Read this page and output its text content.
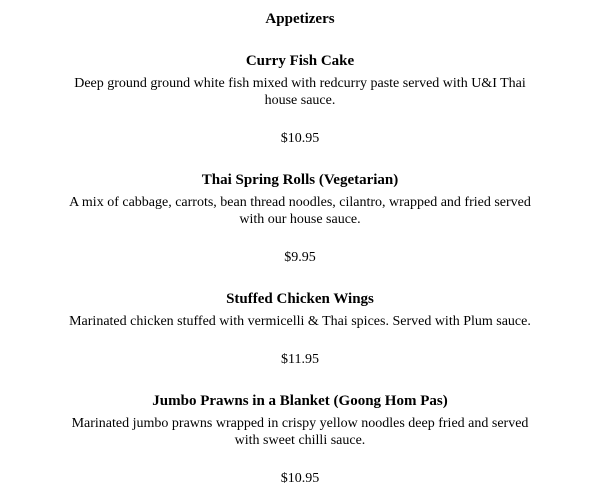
Appetizers
Curry Fish Cake

Deep ground ground white fish mixed with redcurry paste served with U&I Thai house sauce.

$10.95

Thai Spring Rolls (Vegetarian)

A mix of cabbage, carrots, bean thread noodles, cilantro, wrapped and fried served with our house sauce.

$9.95

Stuffed Chicken Wings

Marinated chicken stuffed with vermicelli & Thai spices. Served with Plum sauce.

$11.95

Jumbo Prawns in a Blanket (Goong Hom Pas)

Marinated jumbo prawns wrapped in crispy yellow noodles deep fried and served with sweet chilli sauce.

$10.95
